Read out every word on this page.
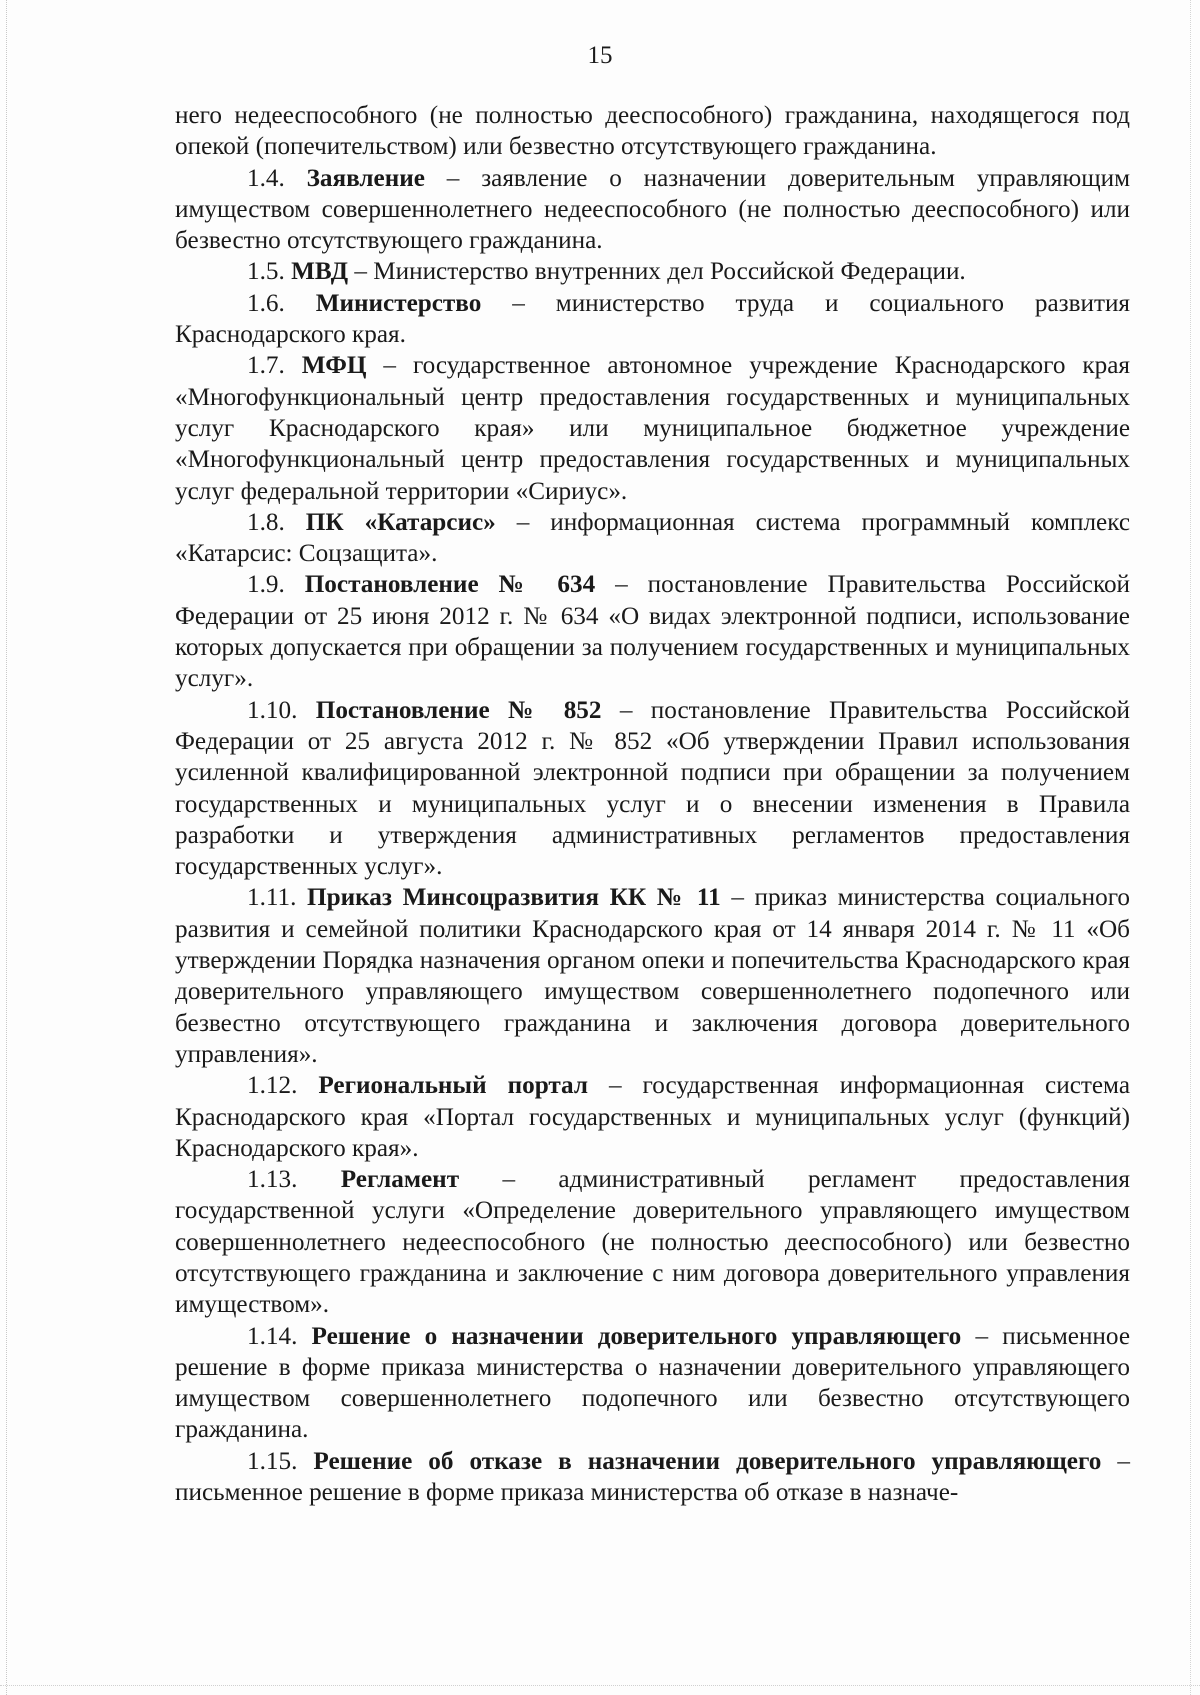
15

него недееспособного (не полностью дееспособного) гражданина, находящегося под опекой (попечительством) или безвестно отсутствующего гражданина.

1.4. Заявление – заявление о назначении доверительным управляющим имуществом совершеннолетнего недееспособного (не полностью дееспособного) или безвестно отсутствующего гражданина.

1.5. МВД – Министерство внутренних дел Российской Федерации.

1.6. Министерство – министерство труда и социального развития Краснодарского края.

1.7. МФЦ – государственное автономное учреждение Краснодарского края «Многофункциональный центр предоставления государственных и муниципальных услуг Краснодарского края» или муниципальное бюджетное учреждение «Многофункциональный центр предоставления государственных и муниципальных услуг федеральной территории «Сириус».

1.8. ПК «Катарсис» – информационная система программный комплекс «Катарсис: Соцзащита».

1.9. Постановление № 634 – постановление Правительства Российской Федерации от 25 июня 2012 г. № 634 «О видах электронной подписи, использование которых допускается при обращении за получением государственных и муниципальных услуг».

1.10. Постановление № 852 – постановление Правительства Российской Федерации от 25 августа 2012 г. № 852 «Об утверждении Правил использования усиленной квалифицированной электронной подписи при обращении за получением государственных и муниципальных услуг и о внесении изменения в Правила разработки и утверждения административных регламентов предоставления государственных услуг».

1.11. Приказ Минсоцразвития КК № 11 – приказ министерства социального развития и семейной политики Краснодарского края от 14 января 2014 г. № 11 «Об утверждении Порядка назначения органом опеки и попечительства Краснодарского края доверительного управляющего имуществом совершеннолетнего подопечного или безвестно отсутствующего гражданина и заключения договора доверительного управления».

1.12. Региональный портал – государственная информационная система Краснодарского края «Портал государственных и муниципальных услуг (функций) Краснодарского края».

1.13. Регламент – административный регламент предоставления государственной услуги «Определение доверительного управляющего имуществом совершеннолетнего недееспособного (не полностью дееспособного) или безвестно отсутствующего гражданина и заключение с ним договора доверительного управления имуществом».

1.14. Решение о назначении доверительного управляющего – письменное решение в форме приказа министерства о назначении доверительного управляющего имуществом совершеннолетнего подопечного или безвестно отсутствующего гражданина.

1.15. Решение об отказе в назначении доверительного управляющего – письменное решение в форме приказа министерства об отказе в назначе-
